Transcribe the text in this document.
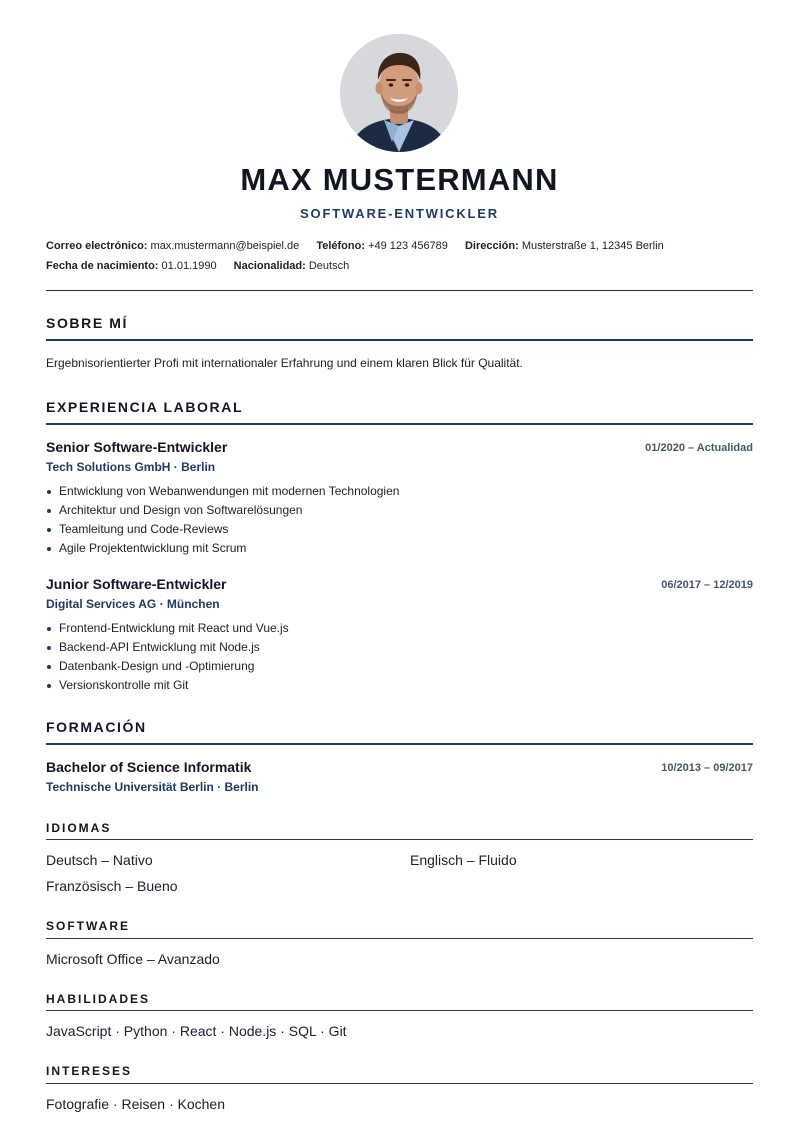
MAX MUSTERMANN
SOFTWARE-ENTWICKLER
Correo electrónico: max.mustermann@beispiel.de Teléfono: +49 123 456789 Dirección: Musterstraße 1, 12345 Berlin
Fecha de nacimiento: 01.01.1990 Nacionalidad: Deutsch
SOBRE MÍ
Ergebnisorientierter Profi mit internationaler Erfahrung und einem klaren Blick für Qualität.
EXPERIENCIA LABORAL
Senior Software-Entwickler	01/2020 – Actualidad
Tech Solutions GmbH · Berlin
Entwicklung von Webanwendungen mit modernen Technologien
Architektur und Design von Softwarelösungen
Teamleitung und Code-Reviews
Agile Projektentwicklung mit Scrum
Junior Software-Entwickler	06/2017 – 12/2019
Digital Services AG · München
Frontend-Entwicklung mit React und Vue.js
Backend-API Entwicklung mit Node.js
Datenbank-Design und -Optimierung
Versionskontrolle mit Git
FORMACIÓN
Bachelor of Science Informatik	10/2013 – 09/2017
Technische Universität Berlin · Berlin
IDIOMAS
Deutsch – Nativo	Englisch – Fluido
Französisch – Bueno
SOFTWARE
Microsoft Office – Avanzado
HABILIDADES
JavaScript · Python · React · Node.js · SQL · Git
INTERESES
Fotografie · Reisen · Kochen
